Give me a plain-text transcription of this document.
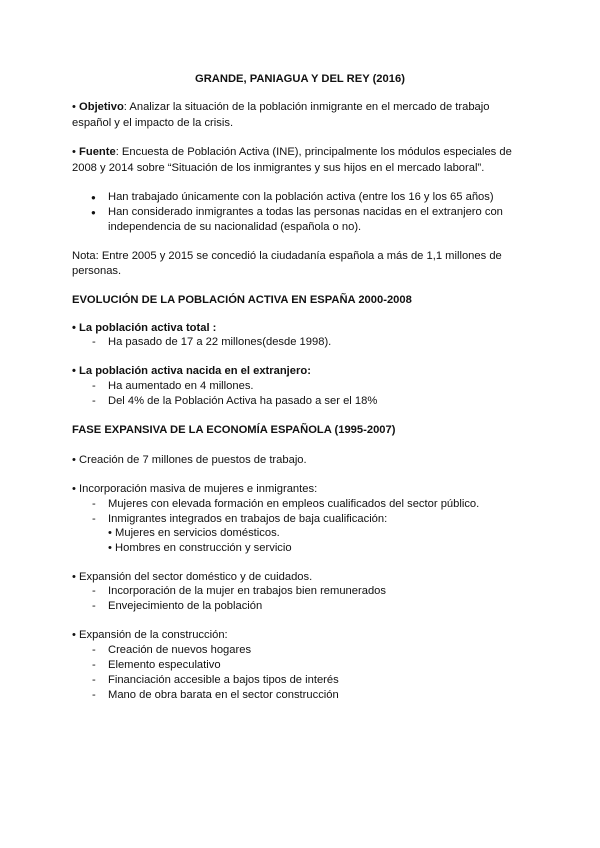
GRANDE, PANIAGUA Y DEL REY (2016)
• Objetivo: Analizar la situación de la población inmigrante en el mercado de trabajo
español y el impacto de la crisis.
• Fuente: Encuesta de Población Activa (INE), principalmente los módulos especiales de
2008 y 2014 sobre “Situación de los inmigrantes y sus hijos en el mercado laboral”.
● Han trabajado únicamente con la población activa (entre los 16 y los 65 años)
● Han considerado inmigrantes a todas las personas nacidas en el extranjero con
independencia de su nacionalidad (española o no).
Nota: Entre 2005 y 2015 se concedió la ciudadanía española a más de 1,1 millones de
personas.
EVOLUCIÓN DE LA POBLACIÓN ACTIVA EN ESPAÑA 2000-2008
• La población activa total :
- Ha pasado de 17 a 22 millones(desde 1998).
• La población activa nacida en el extranjero:
- Ha aumentado en 4 millones.
- Del 4% de la Población Activa ha pasado a ser el 18%
FASE EXPANSIVA DE LA ECONOMÍA ESPAÑOLA (1995-2007)
• Creación de 7 millones de puestos de trabajo.
• Incorporación masiva de mujeres e inmigrantes:
- Mujeres con elevada formación en empleos cualificados del sector público.
- Inmigrantes integrados en trabajos de baja cualificación:
• Mujeres en servicios domésticos.
• Hombres en construcción y servicio
• Expansión del sector doméstico y de cuidados.
- Incorporación de la mujer en trabajos bien remunerados
- Envejecimiento de la población
• Expansión de la construcción:
- Creación de nuevos hogares
- Elemento especulativo
- Financiación accesible a bajos tipos de interés
- Mano de obra barata en el sector construcción
